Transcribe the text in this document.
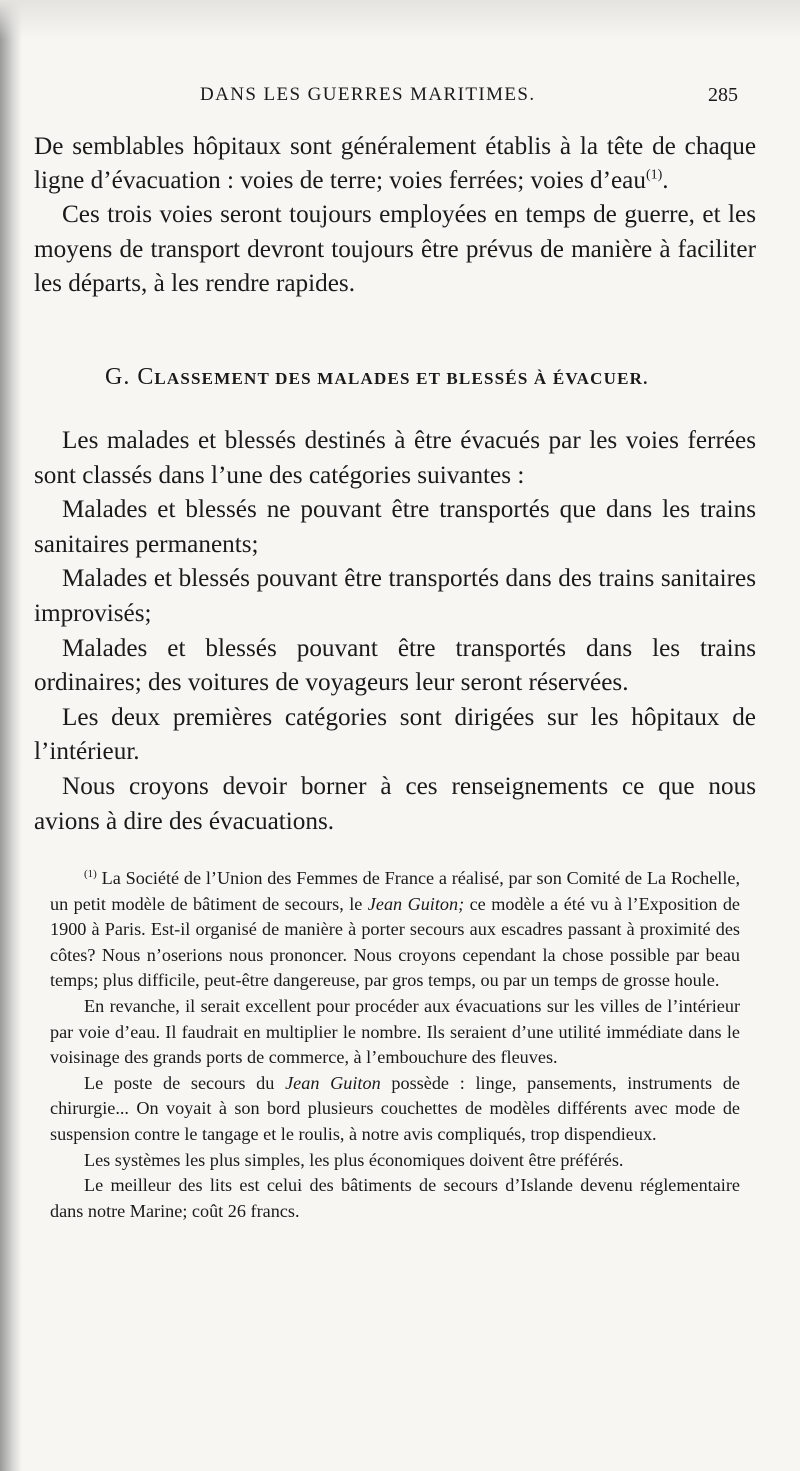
DANS LES GUERRES MARITIMES.	285

De semblables hôpitaux sont généralement établis à la tête de chaque ligne d’évacuation : voies de terre; voies ferrées; voies d’eau$^{(1)}$.

Ces trois voies seront toujours employées en temps de guerre, et les moyens de transport devront toujours être prévus de manière à faciliter les départs, à les rendre rapides.

G. CLASSEMENT DES MALADES ET BLESSÉS À ÉVACUER.

Les malades et blessés destinés à être évacués par les voies ferrées sont classés dans l’une des catégories suivantes :

Malades et blessés ne pouvant être transportés que dans les trains sanitaires permanents;

Malades et blessés pouvant être transportés dans des trains sanitaires improvisés;

Malades et blessés pouvant être transportés dans les trains ordinaires; des voitures de voyageurs leur seront réservées.

Les deux premières catégories sont dirigées sur les hôpitaux de l’intérieur.

Nous croyons devoir borner à ces renseignements ce que nous avions à dire des évacuations.

$^{(1)}$ La Société de l’Union des Femmes de France a réalisé, par son Comité de La Rochelle, un petit modèle de bâtiment de secours, le Jean Guiton; ce modèle a été vu à l’Exposition de 1900 à Paris. Est-il organisé de manière à porter secours aux escadres passant à proximité des côtes? Nous n’oserions nous prononcer. Nous croyons cependant la chose possible par beau temps; plus difficile, peut-être dangereuse, par gros temps, ou par un temps de grosse houle.

En revanche, il serait excellent pour procéder aux évacuations sur les villes de l’intérieur par voie d’eau. Il faudrait en multiplier le nombre. Ils seraient d’une utilité immédiate dans le voisinage des grands ports de commerce, à l’embouchure des fleuves.

Le poste de secours du Jean Guiton possède : linge, pansements, instruments de chirurgie... On voyait à son bord plusieurs couchettes de modèles différents avec mode de suspension contre le tangage et le roulis, à notre avis compliqués, trop dispendieux.

Les systèmes les plus simples, les plus économiques doivent être préférés.

Le meilleur des lits est celui des bâtiments de secours d’Islande devenu réglementaire dans notre Marine; coût 26 francs.
